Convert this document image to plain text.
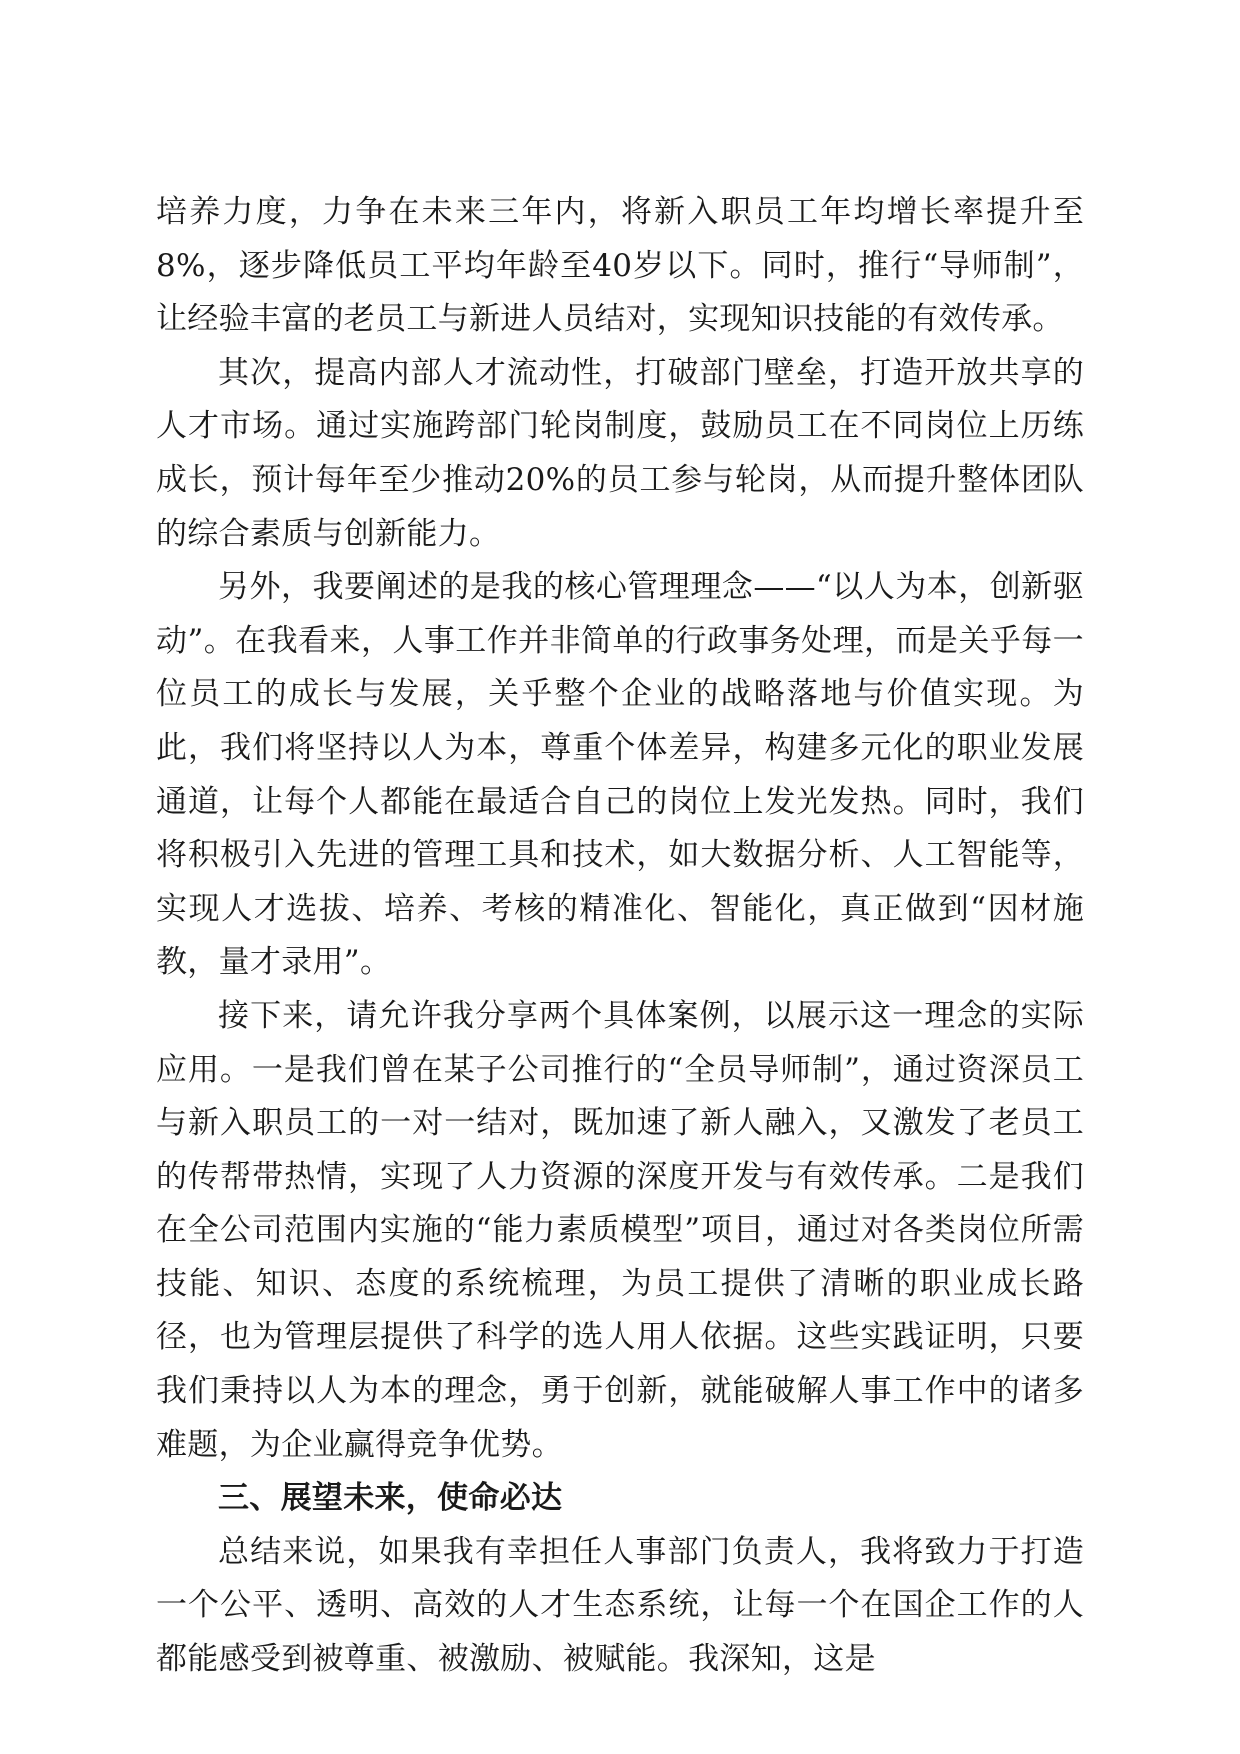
培养力度，力争在未来三年内，将新入职员工年均增长率提升至8%，逐步降低员工平均年龄至40岁以下。同时，推行“导师制”，让经验丰富的老员工与新进人员结对，实现知识技能的有效传承。

其次，提高内部人才流动性，打破部门壁垒，打造开放共享的人才市场。通过实施跨部门轮岗制度，鼓励员工在不同岗位上历练成长，预计每年至少推动20%的员工参与轮岗，从而提升整体团队的综合素质与创新能力。

另外，我要阐述的是我的核心管理理念——“以人为本，创新驱动”。在我看来，人事工作并非简单的行政事务处理，而是关乎每一位员工的成长与发展，关乎整个企业的战略落地与价值实现。为此，我们将坚持以人为本，尊重个体差异，构建多元化的职业发展通道，让每个人都能在最适合自己的岗位上发光发热。同时，我们将积极引入先进的管理工具和技术，如大数据分析、人工智能等，实现人才选拔、培养、考核的精准化、智能化，真正做到“因材施教，量才录用”。

接下来，请允许我分享两个具体案例，以展示这一理念的实际应用。一是我们曾在某子公司推行的“全员导师制”，通过资深员工与新入职员工的一对一结对，既加速了新人融入，又激发了老员工的传帮带热情，实现了人力资源的深度开发与有效传承。二是我们在全公司范围内实施的“能力素质模型”项目，通过对各类岗位所需技能、知识、态度的系统梳理，为员工提供了清晰的职业成长路径，也为管理层提供了科学的选人用人依据。这些实践证明，只要我们秉持以人为本的理念，勇于创新，就能破解人事工作中的诸多难题，为企业赢得竞争优势。

三、展望未来，使命必达

总结来说，如果我有幸担任人事部门负责人，我将致力于打造一个公平、透明、高效的人才生态系统，让每一个在国企工作的人都能感受到被尊重、被激励、被赋能。我深知，这是
